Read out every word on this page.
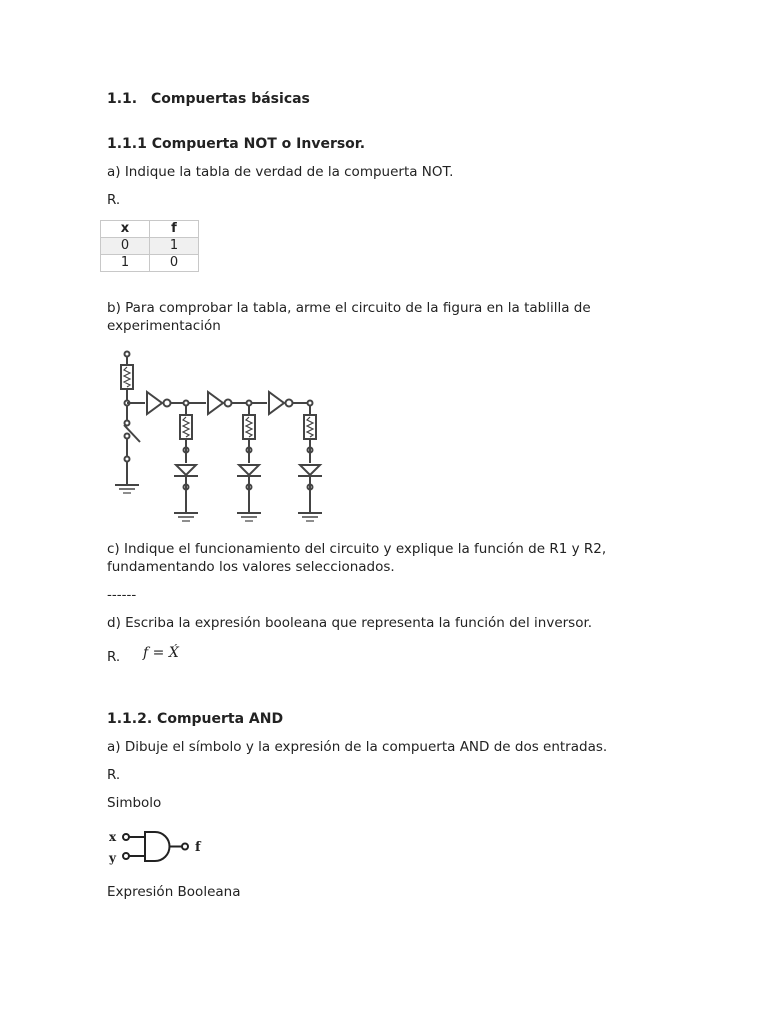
1.1. Compuertas básicas
1.1.1 Compuerta NOT o Inversor.
a) Indique la tabla de verdad de la compuerta NOT.
R.
x	f
0	1
1	0
b) Para comprobar la tabla, arme el circuito de la figura en la tablilla de
experimentación
c) Indique el funcionamiento del circuito y explique la función de R1 y R2,
fundamentando los valores seleccionados.
------
d) Escriba la expresión booleana que representa la función del inversor.
R. f = X́
1.1.2. Compuerta AND
a) Dibuje el símbolo y la expresión de la compuerta AND de dos entradas.
R.
Simbolo
x
y
f
Expresión Booleana
